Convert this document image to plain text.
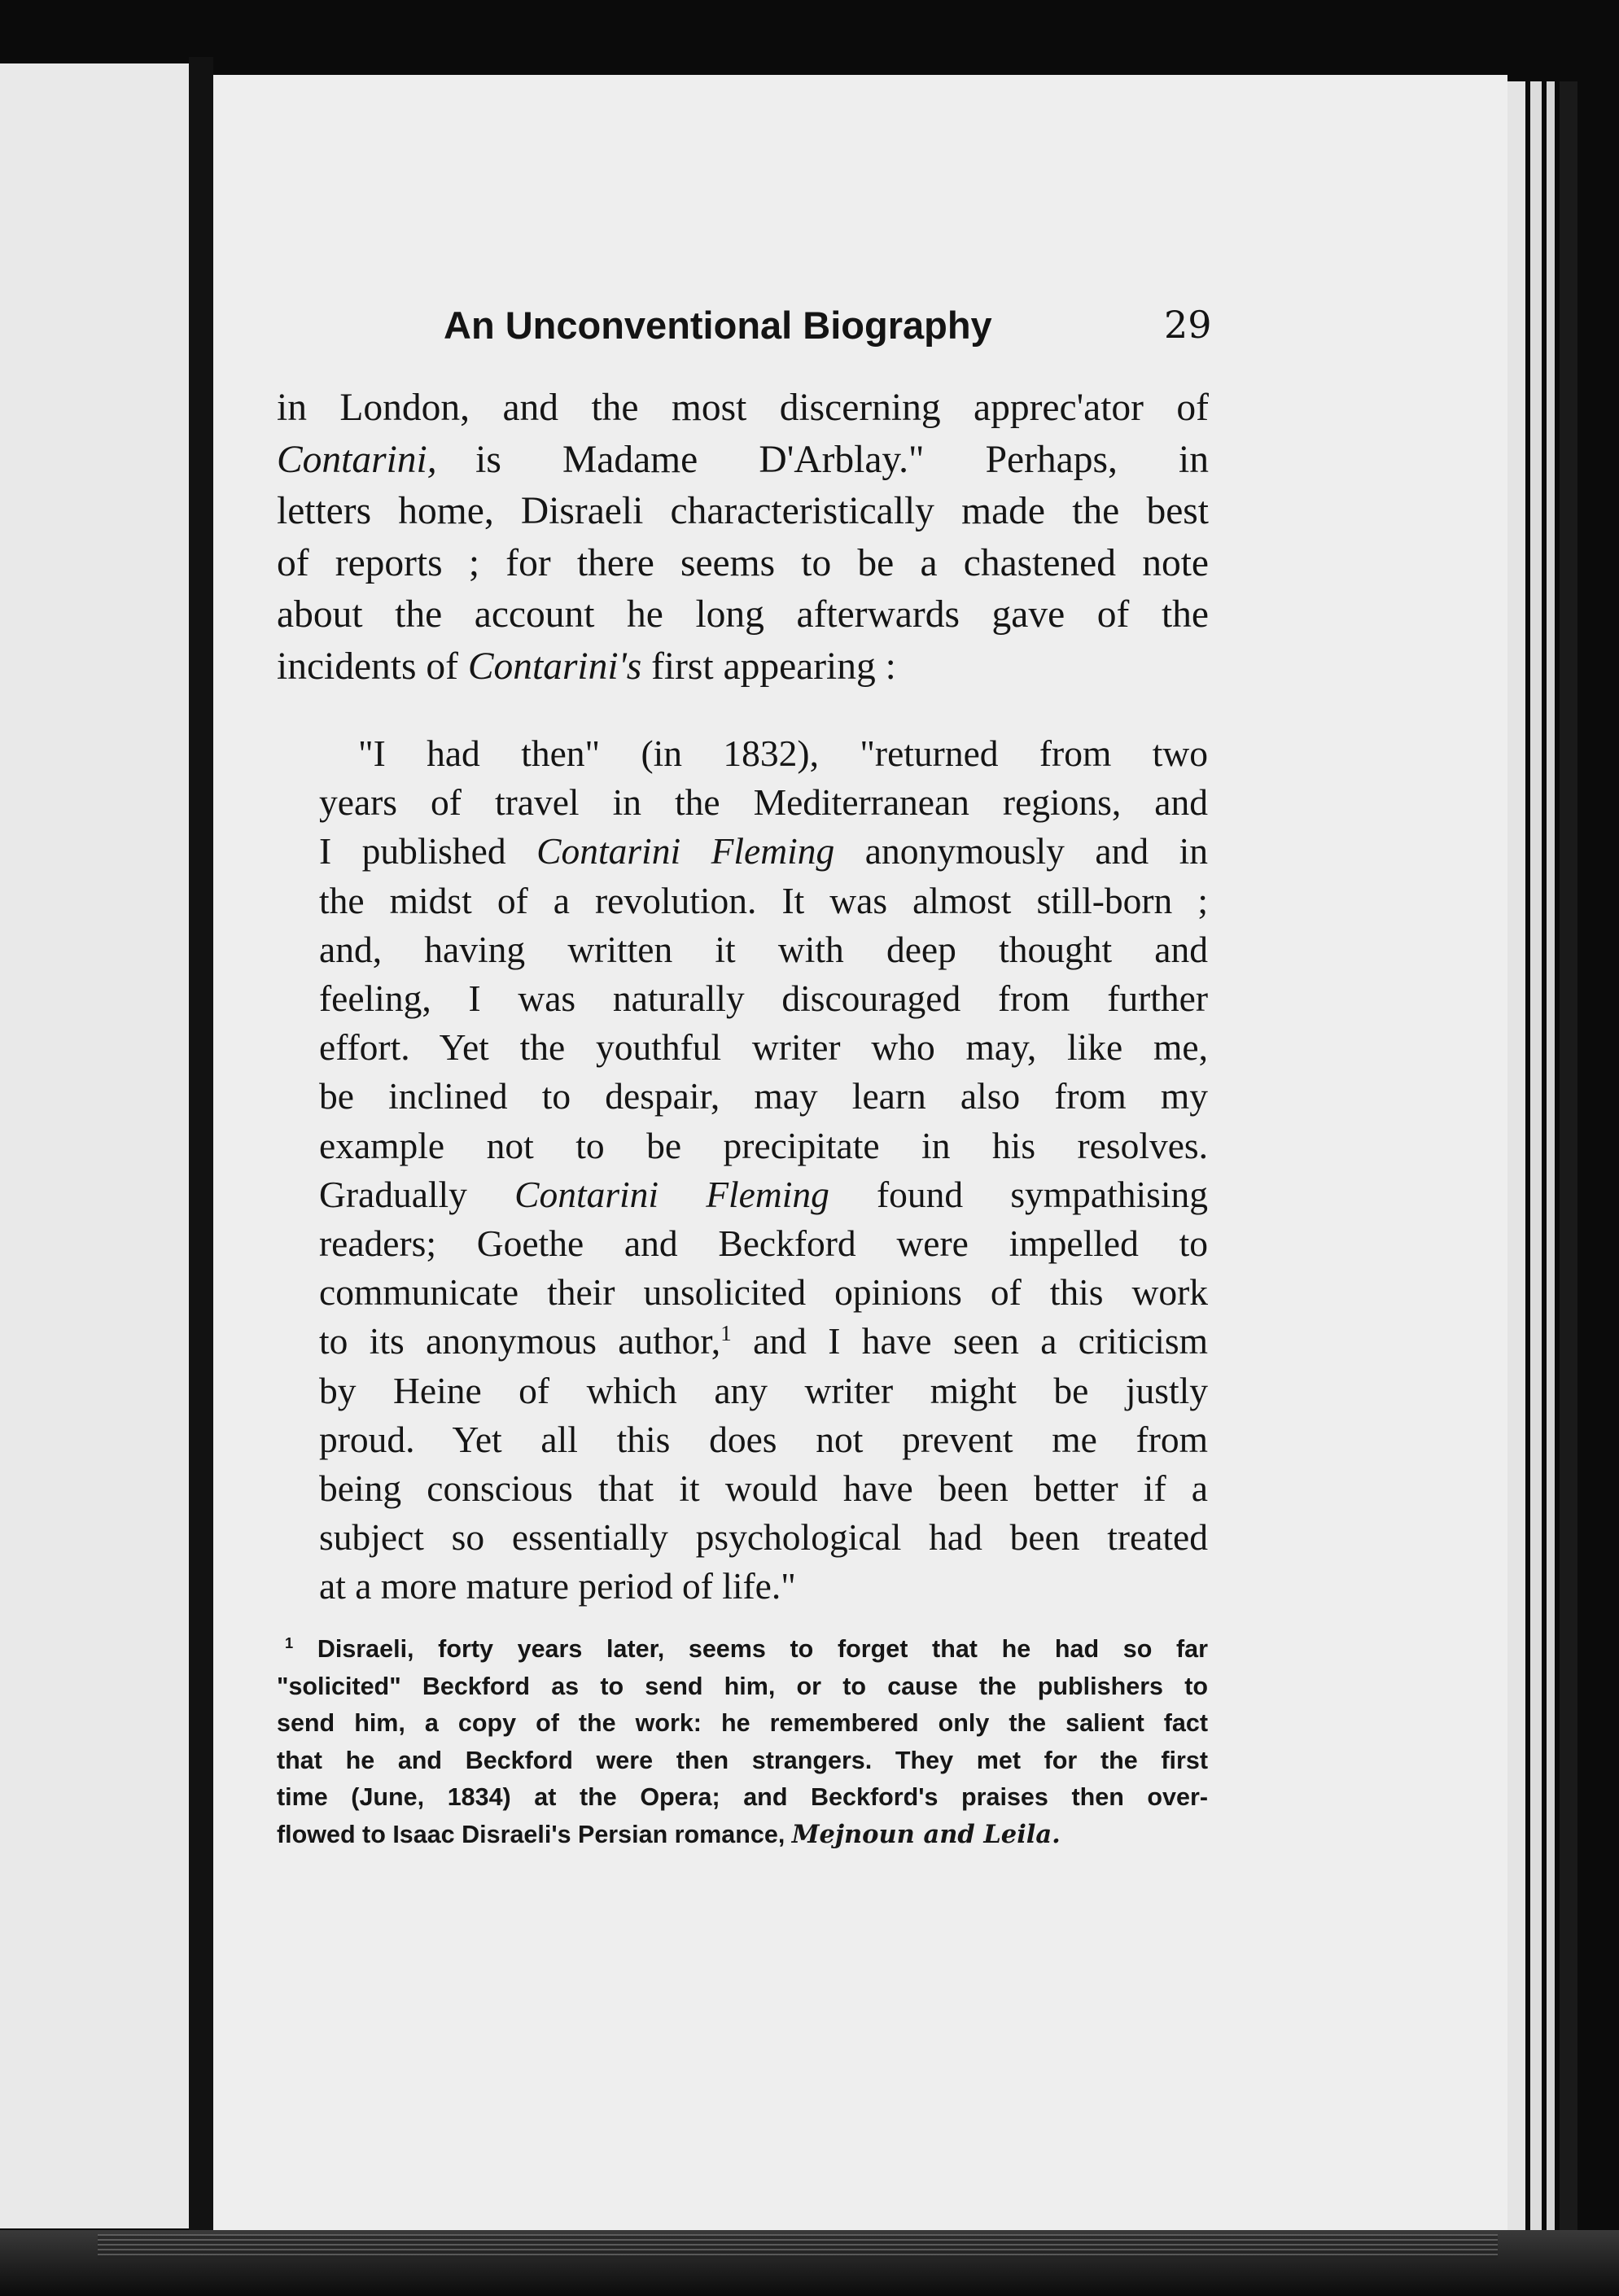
An Unconventional Biography	29
in London, and the most discerning apprec'ator of
Contarini,  is Madame D'Arblay." Perhaps, in
letters home, Disraeli characteristically made the best
of reports ; for there seems to be a chastened note
about the account he long afterwards gave of the
incidents of Contarini's first appearing :
"I had then" (in 1832), "returned from two
years of travel in the Mediterranean regions, and
I published Contarini Fleming anonymously and in
the midst of a revolution. It was almost still-born ;
and, having written it with deep thought and
feeling, I was naturally discouraged from further
effort. Yet the youthful writer who may, like me,
be inclined to despair, may learn also from my
example not to be precipitate in his resolves.
Gradually Contarini Fleming found sympathising
readers; Goethe and Beckford were impelled to
communicate their unsolicited opinions of this work
to its anonymous author,$^1$ and I have seen a criticism
by Heine of which any writer might be justly
proud. Yet all this does not prevent me from
being conscious that it would have been better if a
subject so essentially psychological had been treated
at a more mature period of life."
$^1$ Disraeli, forty years later, seems to forget that he had so far
"solicited" Beckford as to send him, or to cause the publishers to
send him, a copy of the work: he remembered only the salient fact
that he and Beckford were then strangers. They met for the first
time (June, 1834) at the Opera; and Beckford's praises then over-
flowed to Isaac Disraeli's Persian romance, Mejnoun and Leila.
